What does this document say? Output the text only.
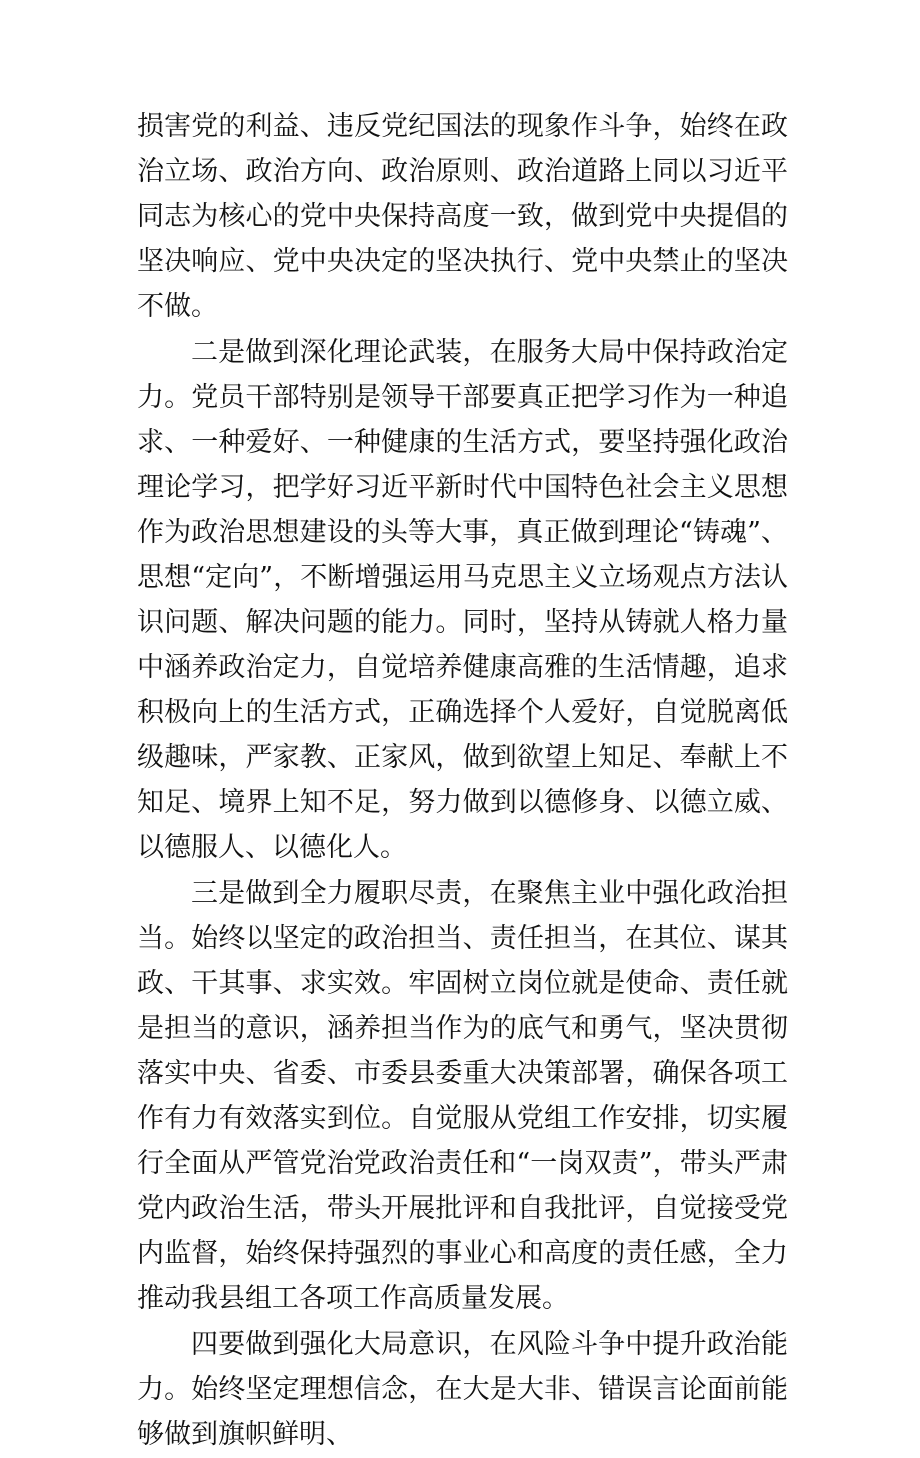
损害党的利益、违反党纪国法的现象作斗争，始终在政治立场、政治方向、政治原则、政治道路上同以习近平同志为核心的党中央保持高度一致，做到党中央提倡的坚决响应、党中央决定的坚决执行、党中央禁止的坚决不做。

二是做到深化理论武装，在服务大局中保持政治定力。党员干部特别是领导干部要真正把学习作为一种追求、一种爱好、一种健康的生活方式，要坚持强化政治理论学习，把学好习近平新时代中国特色社会主义思想作为政治思想建设的头等大事，真正做到理论“铸魂”、思想“定向”，不断增强运用马克思主义立场观点方法认识问题、解决问题的能力。同时，坚持从铸就人格力量中涵养政治定力，自觉培养健康高雅的生活情趣，追求积极向上的生活方式，正确选择个人爱好，自觉脱离低级趣味，严家教、正家风，做到欲望上知足、奉献上不知足、境界上知不足，努力做到以德修身、以德立威、以德服人、以德化人。

三是做到全力履职尽责，在聚焦主业中强化政治担当。始终以坚定的政治担当、责任担当，在其位、谋其政、干其事、求实效。牢固树立岗位就是使命、责任就是担当的意识，涵养担当作为的底气和勇气，坚决贯彻落实中央、省委、市委县委重大决策部署，确保各项工作有力有效落实到位。自觉服从党组工作安排，切实履行全面从严管党治党政治责任和“一岗双责”，带头严肃党内政治生活，带头开展批评和自我批评，自觉接受党内监督，始终保持强烈的事业心和高度的责任感，全力推动我县组工各项工作高质量发展。

四要做到强化大局意识，在风险斗争中提升政治能力。始终坚定理想信念，在大是大非、错误言论面前能够做到旗帜鲜明、
